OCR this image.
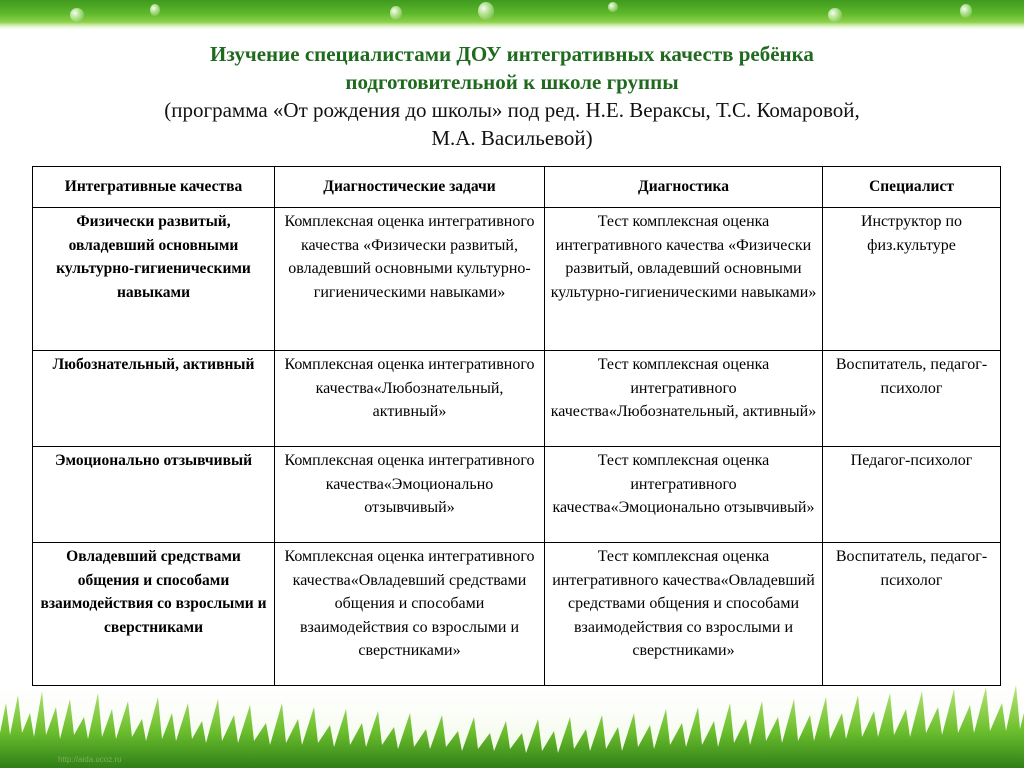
http://aida.ucoz.ru
Изучение специалистами ДОУ интегративных качеств ребёнка
подготовительной к школе группы
(программа «От рождения до школы» под ред. Н.Е. Вераксы, Т.С. Комаровой,
М.А. Васильевой)
Интегративные качества	Диагностические задачи	Диагностика	Специалист
Физически развитый, овладевший основными культурно-гигиеническими навыками	Комплексная оценка интегративного качества «Физически развитый, овладевший основными культурно-гигиеническими навыками»	Тест комплексная оценка интегративного качества «Физически развитый, овладевший основными культурно-гигиеническими навыками»	Инструктор по физ.культуре
Любознательный, активный	Комплексная оценка интегративного качества«Любознательный, активный»	Тест комплексная оценка интегративного качества«Любознательный, активный»	Воспитатель, педагог-психолог
Эмоционально отзывчивый	Комплексная оценка интегративного качества«Эмоционально отзывчивый»	Тест комплексная оценка интегративного качества«Эмоционально отзывчивый»	Педагог-психолог
Овладевший средствами общения и способами взаимодействия со взрослыми и сверстниками	Комплексная оценка интегративного качества«Овладевший средствами общения и способами взаимодействия со взрослыми и сверстниками»	Тест комплексная оценка интегративного качества«Овладевший средствами общения и способами взаимодействия со взрослыми и сверстниками»	Воспитатель, педагог-психолог
